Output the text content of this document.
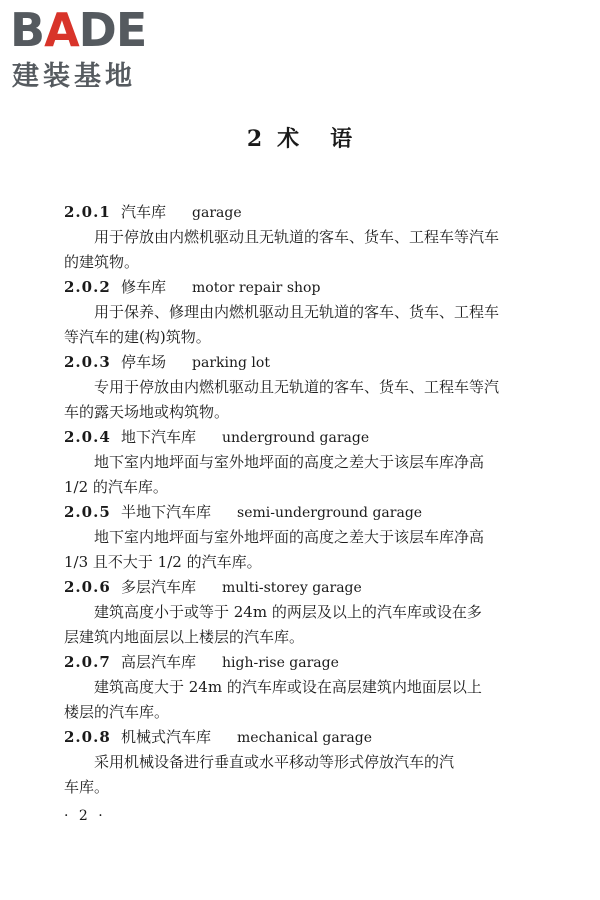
BADE
建装基地
2 术 语
2.0.1 汽车库 garage
用于停放由内燃机驱动且无轨道的客车、货车、工程车等汽车
的建筑物。
2.0.2 修车库 motor repair shop
用于保养、修理由内燃机驱动且无轨道的客车、货车、工程车
等汽车的建(构)筑物。
2.0.3 停车场 parking lot
专用于停放由内燃机驱动且无轨道的客车、货车、工程车等汽
车的露天场地或构筑物。
2.0.4 地下汽车库 underground garage
地下室内地坪面与室外地坪面的高度之差大于该层车库净高
1/2 的汽车库。
2.0.5 半地下汽车库 semi-underground garage
地下室内地坪面与室外地坪面的高度之差大于该层车库净高
1/3 且不大于 1/2 的汽车库。
2.0.6 多层汽车库 multi-storey garage
建筑高度小于或等于 24m 的两层及以上的汽车库或设在多
层建筑内地面层以上楼层的汽车库。
2.0.7 高层汽车库 high-rise garage
建筑高度大于 24m 的汽车库或设在高层建筑内地面层以上
楼层的汽车库。
2.0.8 机械式汽车库 mechanical garage
采用机械设备进行垂直或水平移动等形式停放汽车的汽
车库。
· 2 ·
